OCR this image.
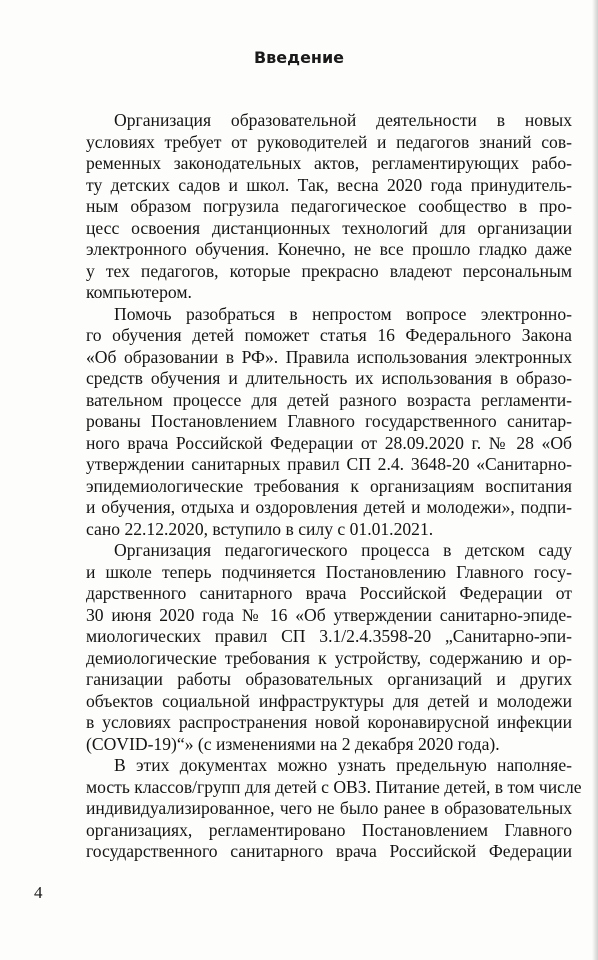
Введение
Организация образовательной деятельности в новых
условиях требует от руководителей и педагогов знаний сов-
ременных законодательных актов, регламентирующих рабо-
ту детских садов и школ. Так, весна 2020 года принудитель-
ным образом погрузила педагогическое сообщество в про-
цесс освоения дистанционных технологий для организации
электронного обучения. Конечно, не все прошло гладко даже
у тех педагогов, которые прекрасно владеют персональным
компьютером.
Помочь разобраться в непростом вопросе электронно-
го обучения детей поможет статья 16 Федерального Закона
«Об образовании в РФ». Правила использования электронных
средств обучения и длительность их использования в образо-
вательном процессе для детей разного возраста регламенти-
рованы Постановлением Главного государственного санитар-
ного врача Российской Федерации от 28.09.2020 г. № 28 «Об
утверждении санитарных правил СП 2.4. 3648-20 «Санитарно-
эпидемиологические требования к организациям воспитания
и обучения, отдыха и оздоровления детей и молодежи», подпи-
сано 22.12.2020, вступило в силу с 01.01.2021.
Организация педагогического процесса в детском саду
и школе теперь подчиняется Постановлению Главного госу-
дарственного санитарного врача Российской Федерации от
30 июня 2020 года № 16 «Об утверждении санитарно-эпиде-
миологических правил СП 3.1/2.4.3598-20 „Санитарно-эпи-
демиологические требования к устройству, содержанию и ор-
ганизации работы образовательных организаций и других
объектов социальной инфраструктуры для детей и молодежи
в условиях распространения новой коронавирусной инфекции
(COVID-19)“» (с изменениями на 2 декабря 2020 года).
В этих документах можно узнать предельную наполняе-
мость классов/групп для детей с ОВЗ. Питание детей, в том числе
индивидуализированное, чего не было ранее в образовательных
организациях, регламентировано Постановлением Главного
государственного санитарного врача Российской Федерации
4
